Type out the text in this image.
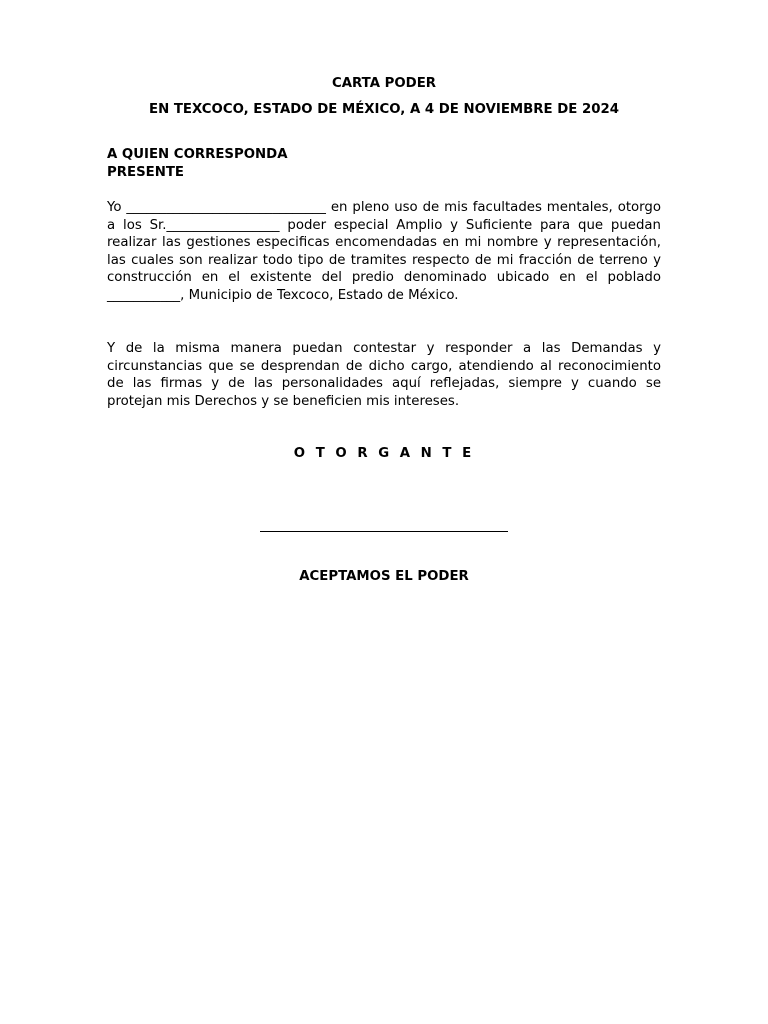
CARTA PODER
EN TEXCOCO, ESTADO DE MÉXICO, A 4 DE NOVIEMBRE DE 2024
A QUIEN CORRESPONDA
PRESENTE
Yo ______________________________ en pleno uso de mis facultades mentales, otorgo a los Sr._________________ poder especial Amplio y Suficiente para que puedan realizar las gestiones especificas encomendadas en mi nombre y representación, las cuales son realizar todo tipo de tramites respecto de mi fracción de terreno y construcción en el existente del predio denominado ubicado en el poblado ___________, Municipio de Texcoco, Estado de México.
Y de la misma manera puedan contestar y responder a las Demandas y circunstancias que se desprendan de dicho cargo, atendiendo al reconocimiento de las firmas y de las personalidades aquí reflejadas, siempre y cuando se protejan mis Derechos y se beneficien mis intereses.
O T O R G A N T E
ACEPTAMOS EL PODER
